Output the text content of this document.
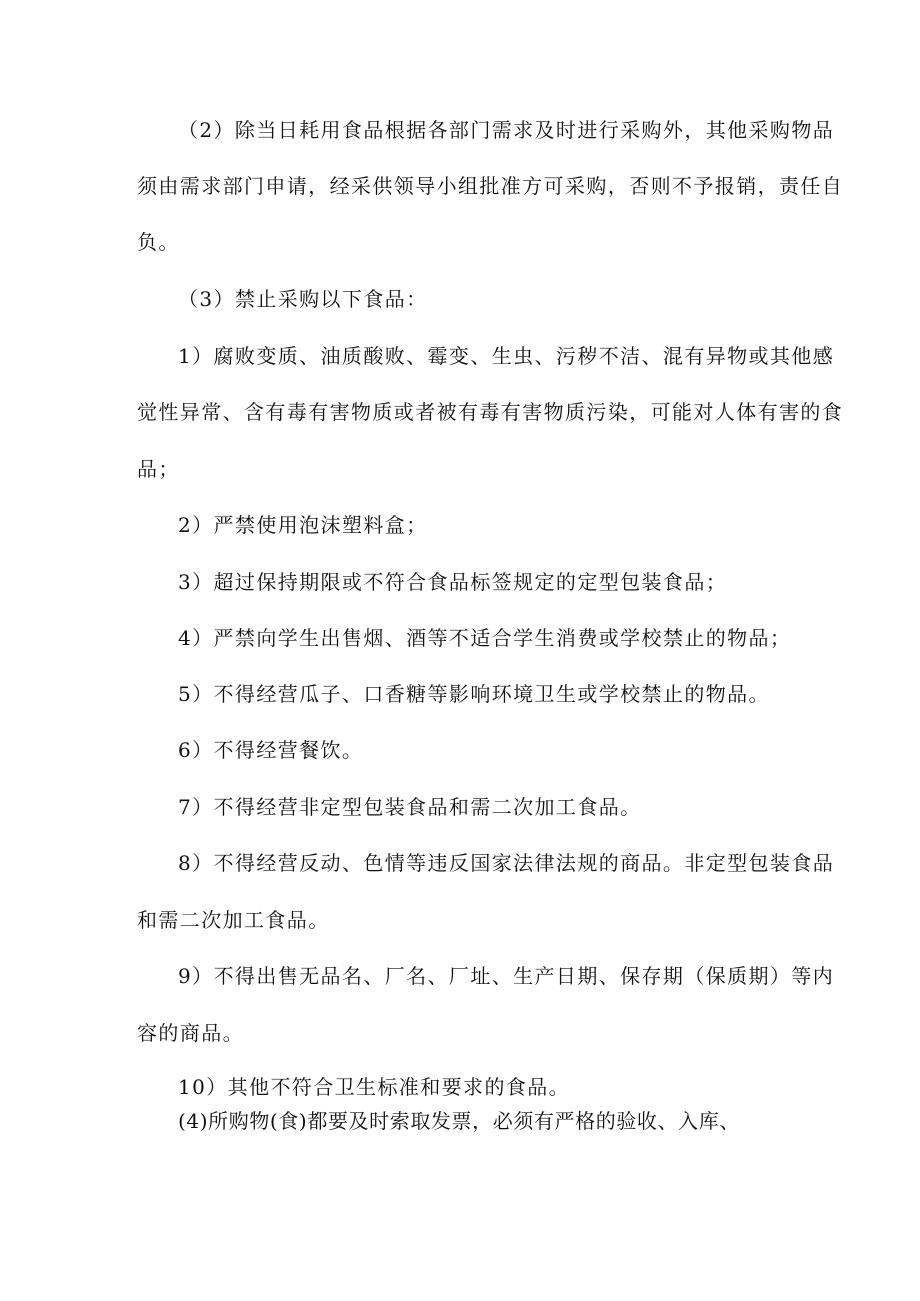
（2）除当日耗用食品根据各部门需求及时进行采购外，其他采购物品
须由需求部门申请，经采供领导小组批准方可采购，否则不予报销，责任自
负。
（3）禁止采购以下食品：
1）腐败变质、油质酸败、霉变、生虫、污秽不洁、混有异物或其他感
觉性异常、含有毒有害物质或者被有毒有害物质污染，可能对人体有害的食
品；
2）严禁使用泡沫塑料盒；
3）超过保持期限或不符合食品标签规定的定型包装食品；
4）严禁向学生出售烟、酒等不适合学生消费或学校禁止的物品；
5）不得经营瓜子、口香糖等影响环境卫生或学校禁止的物品。
6）不得经营餐饮。
7）不得经营非定型包装食品和需二次加工食品。
8）不得经营反动、色情等违反国家法律法规的商品。非定型包装食品
和需二次加工食品。
9）不得出售无品名、厂名、厂址、生产日期、保存期（保质期）等内
容的商品。
10）其他不符合卫生标准和要求的食品。
(4)所购物(食)都要及时索取发票，必须有严格的验收、入库、
